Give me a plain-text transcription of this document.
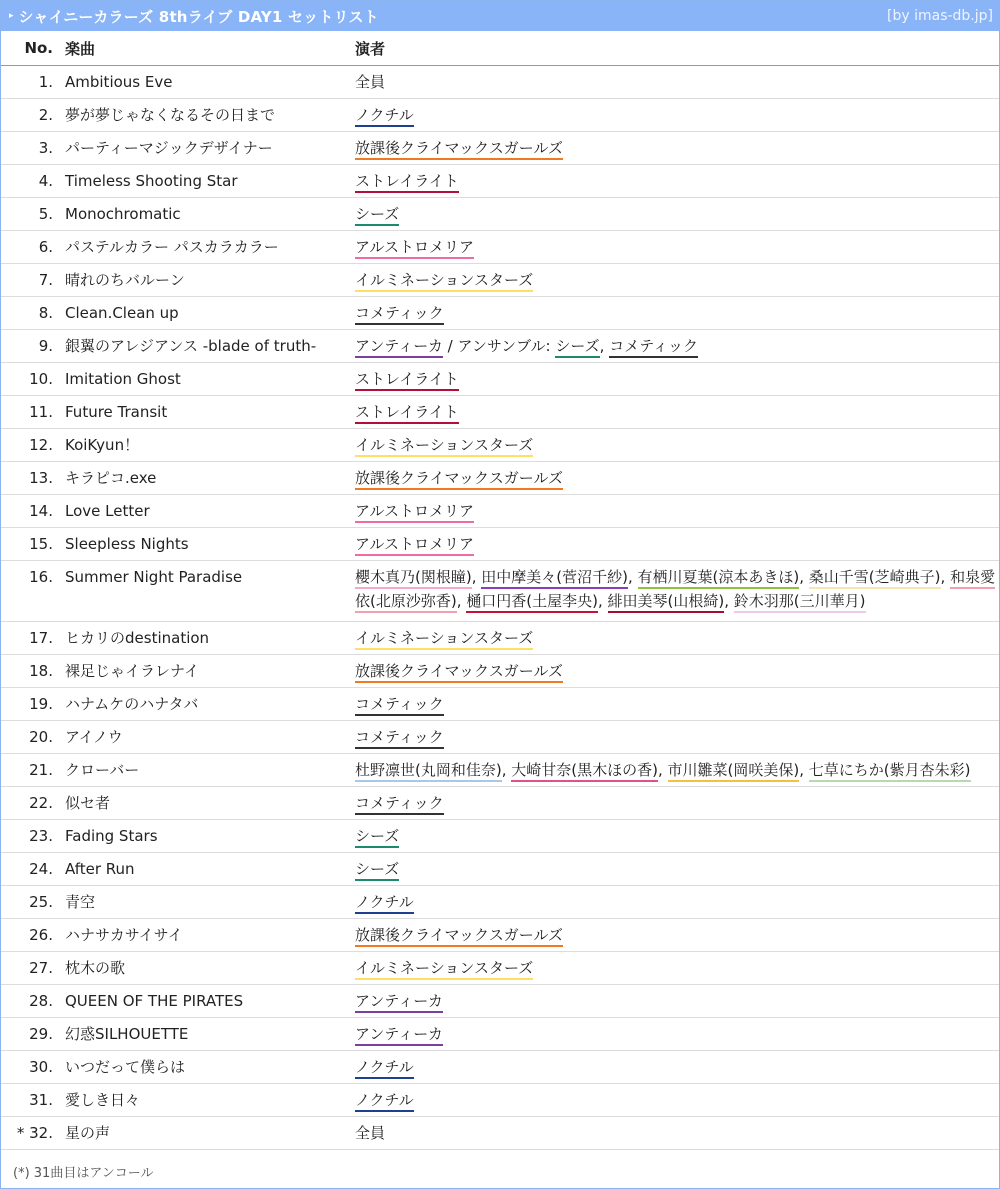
▸ シャイニーカラーズ 8thライブ DAY1 セットリスト	[by imas-db.jp]
No.	楽曲	演者
1.	Ambitious Eve	全員
2.	夢が夢じゃなくなるその日まで	ノクチル
3.	パーティーマジックデザイナー	放課後クライマックスガールズ
4.	Timeless Shooting Star	ストレイライト
5.	Monochromatic	シーズ
6.	パステルカラー パスカラカラー	アルストロメリア
7.	晴れのちバルーン	イルミネーションスターズ
8.	Clean.Clean up	コメティック
9.	銀翼のアレジアンス -blade of truth-	アンティーカ / アンサンブル: シーズ, コメティック
10.	Imitation Ghost	ストレイライト
11.	Future Transit	ストレイライト
12.	KoiKyun！	イルミネーションスターズ
13.	キラピコ.exe	放課後クライマックスガールズ
14.	Love Letter	アルストロメリア
15.	Sleepless Nights	アルストロメリア
16.	Summer Night Paradise	櫻木真乃(関根瞳), 田中摩美々(菅沼千紗), 有栖川夏葉(涼本あきほ), 桑山千雪(芝崎典子), 和泉愛依(北原沙弥香), 樋口円香(土屋李央), 緋田美琴(山根綺), 鈴木羽那(三川華月)
17.	ヒカリのdestination	イルミネーションスターズ
18.	裸足じゃイラレナイ	放課後クライマックスガールズ
19.	ハナムケのハナタバ	コメティック
20.	アイノウ	コメティック
21.	クローバー	杜野凛世(丸岡和佳奈), 大崎甘奈(黒木ほの香), 市川雛菜(岡咲美保), 七草にちか(紫月杏朱彩)
22.	似セ者	コメティック
23.	Fading Stars	シーズ
24.	After Run	シーズ
25.	青空	ノクチル
26.	ハナサカサイサイ	放課後クライマックスガールズ
27.	枕木の歌	イルミネーションスターズ
28.	QUEEN OF THE PIRATES	アンティーカ
29.	幻惑SILHOUETTE	アンティーカ
30.	いつだって僕らは	ノクチル
31.	愛しき日々	ノクチル
* 32.	星の声	全員
(*) 31曲目はアンコール
